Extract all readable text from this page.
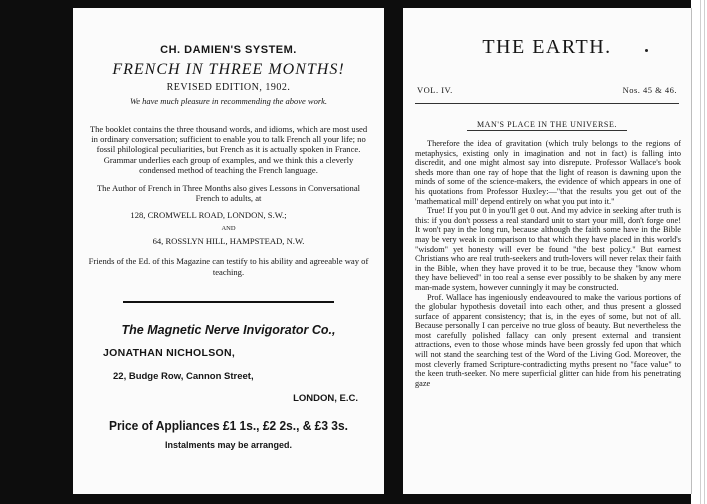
CH. DAMIEN'S SYSTEM.
FRENCH IN THREE MONTHS!
REVISED EDITION, 1902.
We have much pleasure in recommending the above work.
The booklet contains the three thousand words, and idioms, which are most used in ordinary conversation; sufficient to enable you to talk French all your life; no fossil philological peculiarities, but French as it is actually spoken in France. Grammar underlies each group of examples, and we think this a cleverly condensed method of teaching the French language.
The Author of French in Three Months also gives Lessons in Conversational French to adults, at
128, CROMWELL ROAD, LONDON, S.W.;
AND
64, ROSSLYN HILL, HAMPSTEAD, N.W.
Friends of the Ed. of this Magazine can testify to his ability and agreeable way of teaching.
The Magnetic Nerve Invigorator Co.,
JONATHAN NICHOLSON,
22, Budge Row, Cannon Street,
LONDON, E.C.
Price of Appliances £1 1s., £2 2s., & £3 3s.
Instalments may be arranged.
THE EARTH.
VOL. IV.	Nos. 45 & 46.
MAN'S PLACE IN THE UNIVERSE.

Therefore the idea of gravitation (which truly belongs to the regions of metaphysics, existing only in imagination and not in fact) is falling into discredit, and one might almost say into disrepute. Professor Wallace's book sheds more than one ray of hope that the light of reason is dawning upon the minds of some of the science-makers, the evidence of which appears in one of his quotations from Professor Huxley:—"that the results you get out of the 'mathematical mill' depend entirely on what you put into it."

True! If you put 0 in you'll get 0 out. And my advice in seeking after truth is this: if you don't possess a real standard unit to start your mill, don't forge one! It won't pay in the long run, because although the faith some have in the Bible may be very weak in comparison to that which they have placed in this world's "wisdom" yet honesty will ever be found "the best policy." But earnest Christians who are real truth-seekers and truth-lovers will never relax their faith in the Bible, when they have proved it to be true, because they "know whom they have believed" in too real a sense ever possibly to be shaken by any mere man-made system, however cunningly it may be constructed.

Prof. Wallace has ingeniously endeavoured to make the various portions of the globular hypothesis dovetail into each other, and thus present a glossed surface of apparent consistency; that is, in the eyes of some, but not of all. Because personally I can perceive no true gloss of beauty. But nevertheless the most carefully polished fallacy can only present external and transient attractions, even to those whose minds have been grossly fed upon that which will not stand the searching test of the Word of the Living God. Moreover, the most cleverly framed Scripture-contradicting myths present no "face value" to the keen truth-seeker. No mere superficial glitter can hide from his penetrating gaze
